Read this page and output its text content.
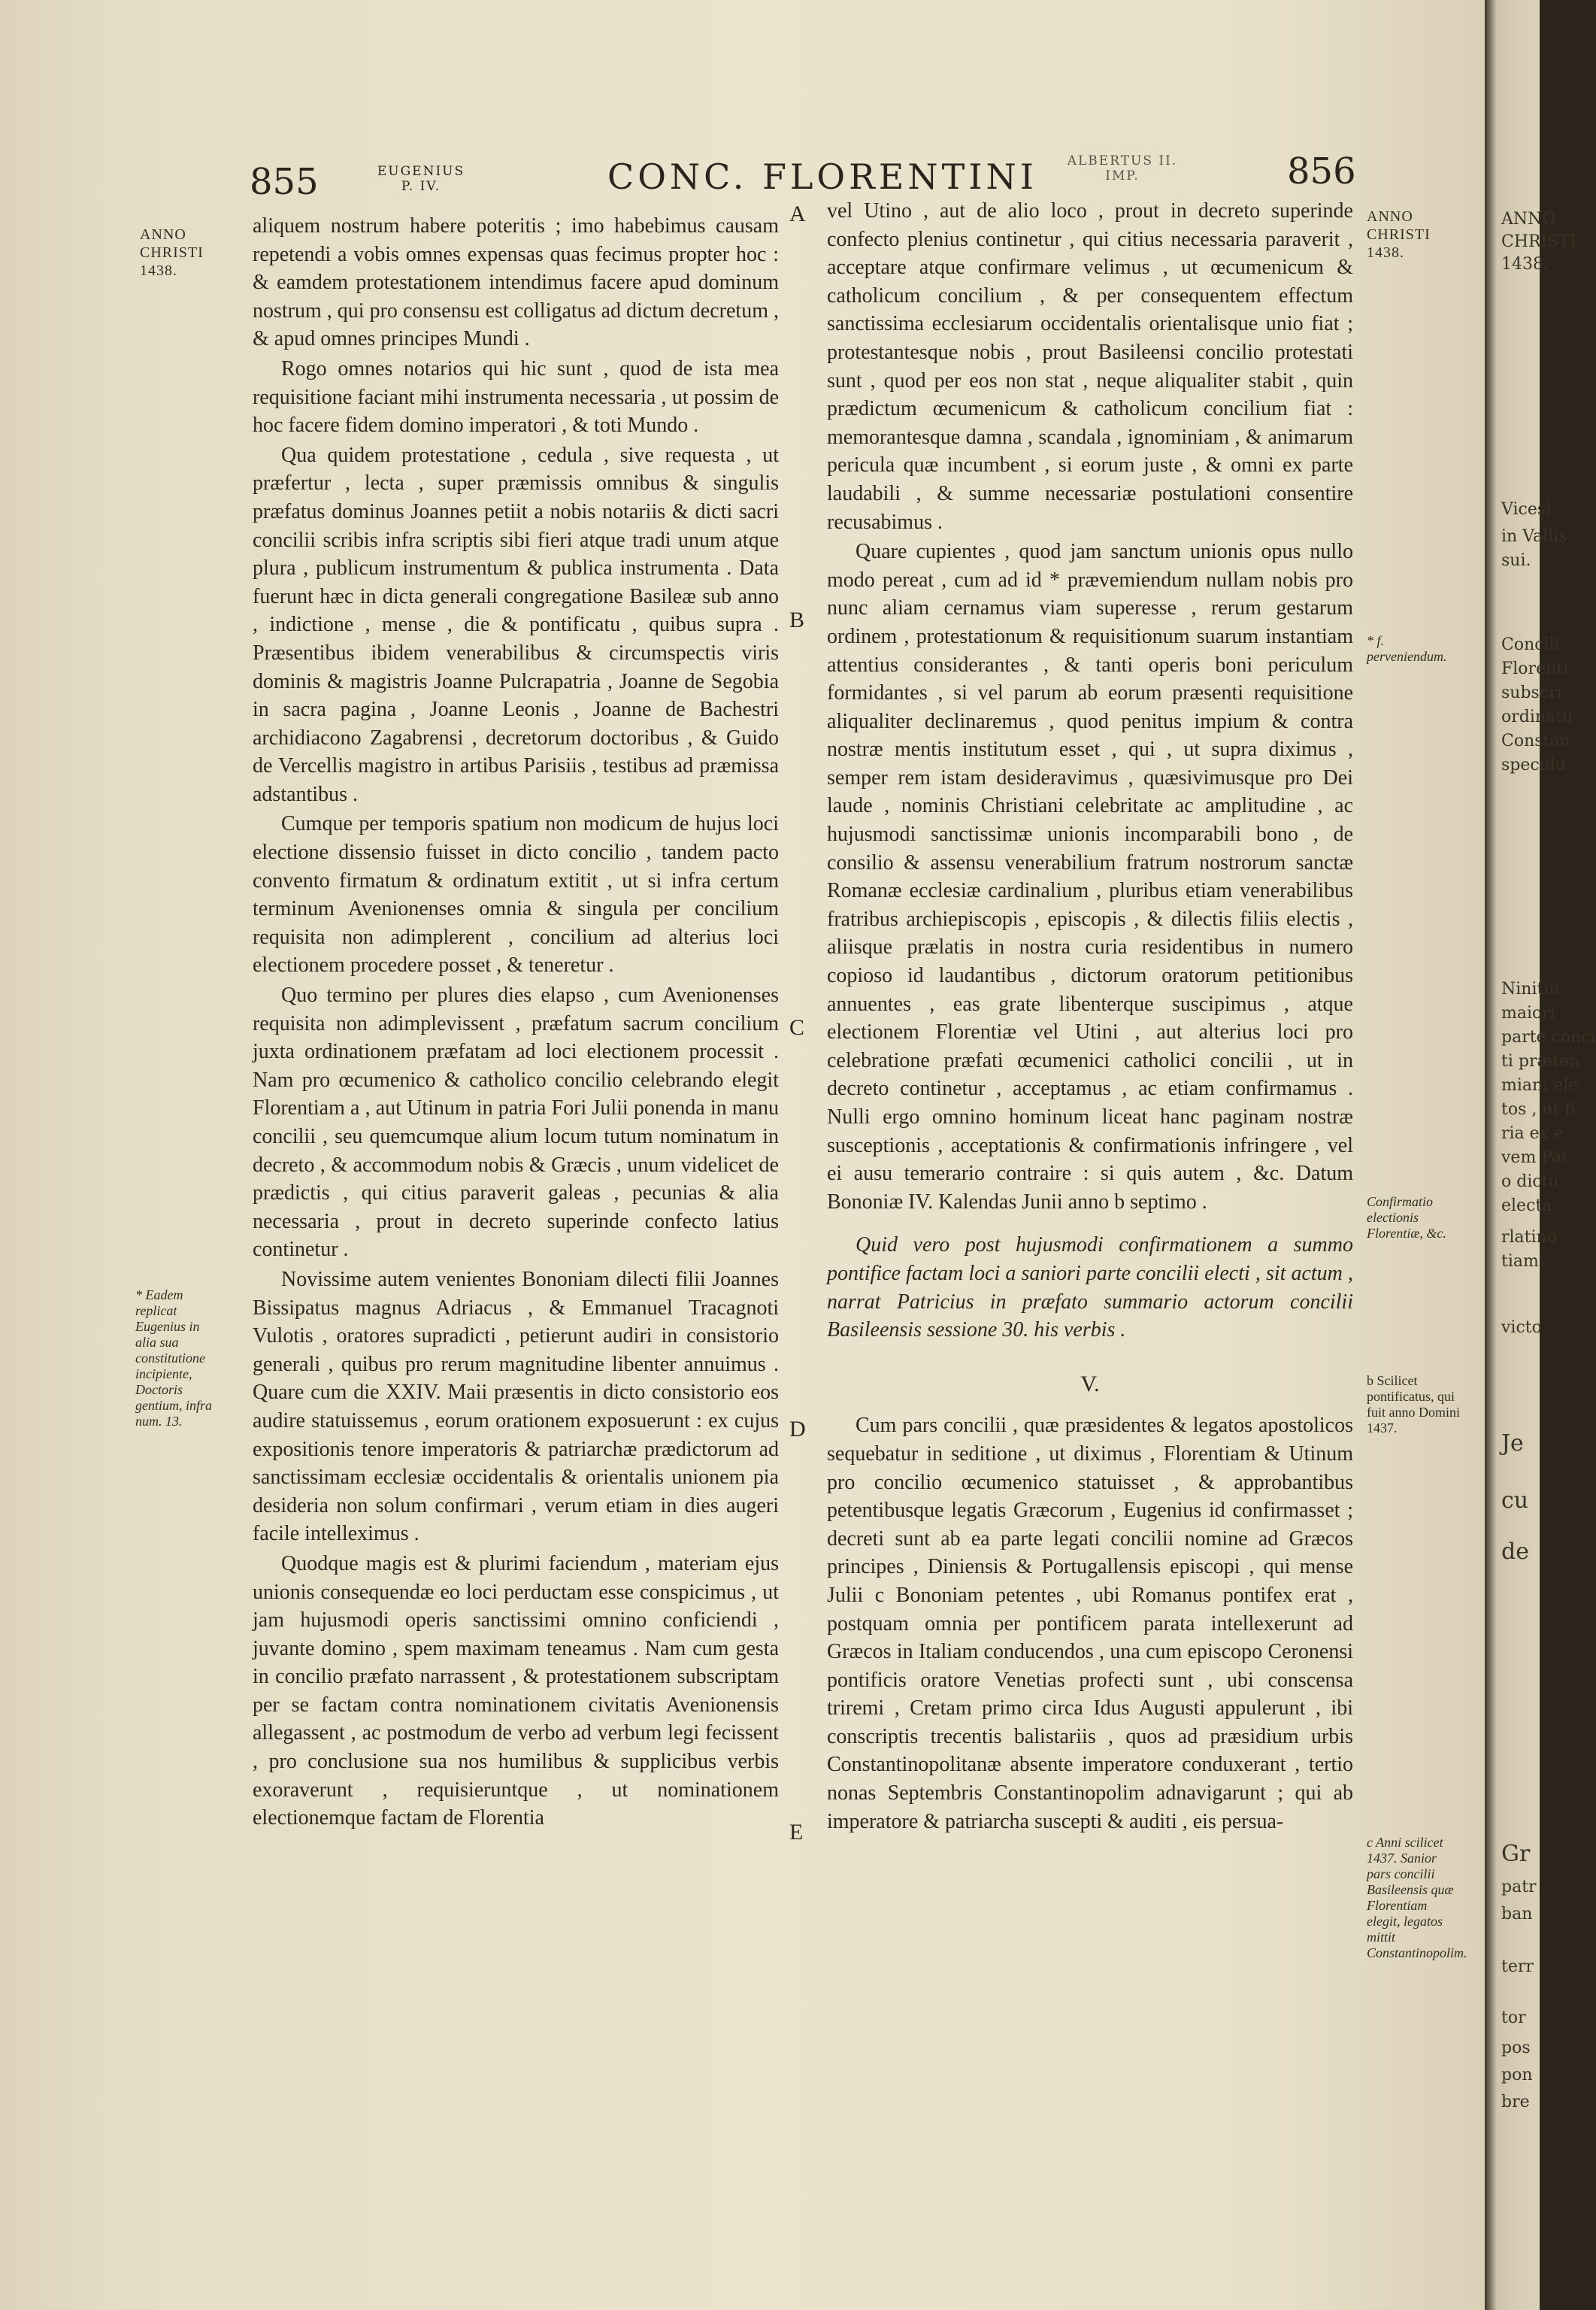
855	EUGENIUS P. IV.	CONC. FLORENTINI ALBERTUS II. IMP.	856
ANNO CHRISTI 1438.
* Eadem replicat Eugenius in alia sua constitutione incipiente, Doctoris gentium, infra num. 13.
A
B
C
D
E

aliquem nostrum habere poteritis ; imo habebimus causam repetendi a vobis omnes expensas quas fecimus propter hoc : & eamdem protestationem intendimus facere apud dominum nostrum , qui pro consensu est colligatus ad dictum decretum , & apud omnes principes Mundi .

Rogo omnes notarios qui hic sunt , quod de ista mea requisitione faciant mihi instrumenta necessaria , ut possim de hoc facere fidem domino imperatori , & toti Mundo .

Qua quidem protestatione , cedula , sive requesta , ut præfertur , lecta , super præmissis omnibus & singulis præfatus dominus Joannes petiit a nobis notariis & dicti sacri concilii scribis infra scriptis sibi fieri atque tradi unum atque plura , publicum instrumentum & publica instrumenta . Data fuerunt hæc in dicta generali congregatione Basileæ sub anno , indictione , mense , die & pontificatu , quibus supra . Præsentibus ibidem venerabilibus & circumspectis viris dominis & magistris Joanne Pulcrapatria , Joanne de Segobia in sacra pagina , Joanne Leonis , Joanne de Bachestri archidiacono Zagabrensi , decretorum doctoribus , & Guido de Vercellis magistro in artibus Parisiis , testibus ad præmissa adstantibus .

Cumque per temporis spatium non modicum de hujus loci electione dissensio fuisset in dicto concilio , tandem pacto convento firmatum & ordinatum extitit , ut si infra certum terminum Avenionenses omnia & singula per concilium requisita non adimplerent , concilium ad alterius loci electionem procedere posset , & teneretur .

Quo termino per plures dies elapso , cum Avenionenses requisita non adimplevissent , præfatum sacrum concilium juxta ordinationem præfatam ad loci electionem processit . Nam pro œcumenico & catholico concilio celebrando elegit Florentiam a , aut Utinum in patria Fori Julii ponenda in manu concilii , seu quemcumque alium locum tutum nominatum in decreto , & accommodum nobis & Græcis , unum videlicet de prædictis , qui citius paraverit galeas , pecunias & alia necessaria , prout in decreto superinde confecto latius continetur .

Novissime autem venientes Bononiam dilecti filii Joannes Bissipatus magnus Adriacus , & Emmanuel Tracagnoti Vulotis , oratores supradicti , petierunt audiri in consistorio generali , quibus pro rerum magnitudine libenter annuimus . Quare cum die XXIV. Maii præsentis in dicto consistorio eos audire statuissemus , eorum orationem exposuerunt : ex cujus expositionis tenore imperatoris & patriarchæ prædictorum ad sanctissimam ecclesiæ occidentalis & orientalis unionem pia desideria non solum confirmari , verum etiam in dies augeri facile intelleximus .

Quodque magis est & plurimi faciendum , materiam ejus unionis consequendæ eo loci perductam esse conspicimus , ut jam hujusmodi operis sanctissimi omnino conficiendi , juvante domino , spem maximam teneamus . Nam cum gesta in concilio præfato narrassent , & protestationem subscriptam per se factam contra nominationem civitatis Avenionensis allegassent , ac postmodum de verbo ad verbum legi fecissent , pro conclusione sua nos humilibus & supplicibus verbis exoraverunt , requisieruntque , ut nominationem electionemque factam de Florentia

vel Utino , aut de alio loco , prout in decreto superinde confecto plenius continetur , qui citius necessaria paraverit , acceptare atque confirmare velimus , ut œcumenicum & catholicum concilium , & per consequentem effectum sanctissima ecclesiarum occidentalis orientalisque unio fiat ; protestantesque nobis , prout Basileensi concilio protestati sunt , quod per eos non stat , neque aliqualiter stabit , quin prædictum œcumenicum & catholicum concilium fiat : memorantesque damna , scandala , ignominiam , & animarum pericula quæ incumbent , si eorum juste , & omni ex parte laudabili , & summe necessariæ postulationi consentire recusabimus .

Quare cupientes , quod jam sanctum unionis opus nullo modo pereat , cum ad id * prævemiendum nullam nobis pro nunc aliam cernamus viam superesse , rerum gestarum ordinem , protestationum & requisitionum suarum instantiam attentius considerantes , & tanti operis boni periculum formidantes , si vel parum ab eorum præsenti requisitione aliqualiter declinaremus , quod penitus impium & contra nostræ mentis institutum esset , qui , ut supra diximus , semper rem istam desideravimus , quæsivimusque pro Dei laude , nominis Christiani celebritate ac amplitudine , ac hujusmodi sanctissimæ unionis incomparabili bono , de consilio & assensu venerabilium fratrum nostrorum sanctæ Romanæ ecclesiæ cardinalium , pluribus etiam venerabilibus fratribus archiepiscopis , episcopis , & dilectis filiis electis , aliisque prælatis in nostra curia residentibus in numero copioso id laudantibus , dictorum oratorum petitionibus annuentes , eas grate libenterque suscipimus , atque electionem Florentiæ vel Utini , aut alterius loci pro celebratione præfati œcumenici catholici concilii , ut in decreto continetur , acceptamus , ac etiam confirmamus . Nulli ergo omnino hominum liceat hanc paginam nostræ susceptionis , acceptationis & confirmationis infringere , vel ei ausu temerario contraire : si quis autem , &c. Datum Bononiæ IV. Kalendas Junii anno b septimo .

Quid vero post hujusmodi confirmationem a summo pontifice factam loci a saniori parte concilii electi , sit actum , narrat Patricius in præfato summario actorum concilii Basileensis sessione 30. his verbis .

V.

Cum pars concilii , quæ præsidentes & legatos apostolicos sequebatur in seditione , ut diximus , Florentiam & Utinum pro concilio œcumenico statuisset , & approbantibus petentibusque legatis Græcorum , Eugenius id confirmasset ; decreti sunt ab ea parte legati concilii nomine ad Græcos principes , Diniensis & Portugallensis episcopi , qui mense Julii c Bononiam petentes , ubi Romanus pontifex erat , postquam omnia per pontificem parata intellexerunt ad Græcos in Italiam conducendos , una cum episcopo Ceronensi pontificis oratore Venetias profecti sunt , ubi conscensa triremi , Cretam primo circa Idus Augusti appulerunt , ibi conscriptis trecentis balistariis , quos ad præsidium urbis Constantinopolitanæ absente imperatore conduxerant , tertio nonas Septembris Constantinopolim adnavigarunt ; qui ab imperatore & patriarcha suscepti & auditi , eis persua-

ANNO CHRISTI 1438.
* f. perveniendum.
Confirmatio electionis Florentiæ, &c.
b Scilicet pontificatus, qui fuit anno Domini 1437.
c Anni scilicet 1437. Sanior pars concilii Basileensis quæ Florentiam elegit, legatos mittit Constantinopolim.
ANNO
CHRISTI
1438.
Vicesi
in Vallis
sui.
Concili
Florenti
subscri
ordinatu
Constan
speculu
Ninitiu
maiori
parte conci
ti præten
miani ele
tos , ut fi
ria ex e
vem Pat
o dictu
electa
rlatino
tiam
victo
Je
cu
de
Gr
patr
ban
terr
tor
pos
pon
bre
